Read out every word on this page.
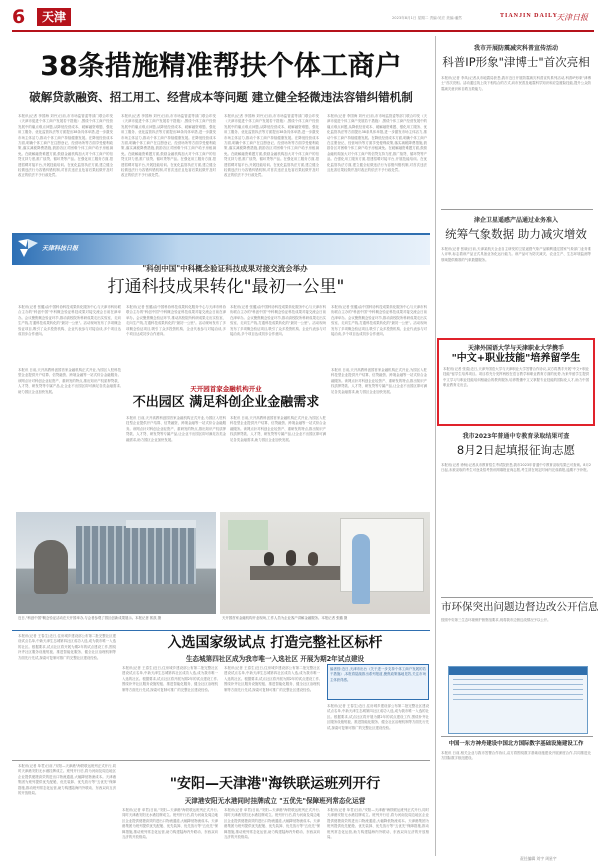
6	天津	2023年8月1日 星期二 责编:吴宏 美编:潘然	TIANJIN DAILY
天津日报
38条措施精准帮扶个体工商户
破解贷款融资、招工用工、经营成本等问题 建立健全轻微违法容错纠错机制
本报讯(记者 李国海 刘丹)日前,市市场监管委等部门联合印发《天津市促进个体工商户发展若干措施》,围绕个体工商户经营发展中的痛点难点问题,从降低经营成本、破解融资难题、强化用工服务、优化监管执法等方面提出38条具体举措,进一步激发市场主体活力,推动个体工商户持续健康发展。在降低经营成本方面,明确个体工商户在注册登记、经营场所等方面享受便利政策,落实减税降费措施,鼓励各区对困难个体工商户给予房租减免。在破解融资难题方面,鼓励金融机构加大对个体工商户的信贷支持力度,推广续贷、循环贷等产品。在强化用工服务方面,搭建招聘对接平台,开展技能培训。在优化监管执法方面,建立健全轻微违法行为容错纠错机制,对首次违法且危害后果轻微并及时改正的依法不予行政处罚。
本报讯(记者 李国海 刘丹)日前,市市场监管委等部门联合印发《天津市促进个体工商户发展若干措施》,围绕个体工商户经营发展中的痛点难点问题,从降低经营成本、破解融资难题、强化用工服务、优化监管执法等方面提出38条具体举措,进一步激发市场主体活力,推动个体工商户持续健康发展。在降低经营成本方面,明确个体工商户在注册登记、经营场所等方面享受便利政策,落实减税降费措施,鼓励各区对困难个体工商户给予房租减免。在破解融资难题方面,鼓励金融机构加大对个体工商户的信贷支持力度,推广续贷、循环贷等产品。在强化用工服务方面,搭建招聘对接平台,开展技能培训。在优化监管执法方面,建立健全轻微违法行为容错纠错机制,对首次违法且危害后果轻微并及时改正的依法不予行政处罚。
本报讯(记者 李国海 刘丹)日前,市市场监管委等部门联合印发《天津市促进个体工商户发展若干措施》,围绕个体工商户经营发展中的痛点难点问题,从降低经营成本、破解融资难题、强化用工服务、优化监管执法等方面提出38条具体举措,进一步激发市场主体活力,推动个体工商户持续健康发展。在降低经营成本方面,明确个体工商户在注册登记、经营场所等方面享受便利政策,落实减税降费措施,鼓励各区对困难个体工商户给予房租减免。在破解融资难题方面,鼓励金融机构加大对个体工商户的信贷支持力度,推广续贷、循环贷等产品。在强化用工服务方面,搭建招聘对接平台,开展技能培训。在优化监管执法方面,建立健全轻微违法行为容错纠错机制,对首次违法且危害后果轻微并及时改正的依法不予行政处罚。
本报讯(记者 李国海 刘丹)日前,市市场监管委等部门联合印发《天津市促进个体工商户发展若干措施》,围绕个体工商户经营发展中的痛点难点问题,从降低经营成本、破解融资难题、强化用工服务、优化监管执法等方面提出38条具体举措,进一步激发市场主体活力,推动个体工商户持续健康发展。在降低经营成本方面,明确个体工商户在注册登记、经营场所等方面享受便利政策,落实减税降费措施,鼓励各区对困难个体工商户给予房租减免。在破解融资难题方面,鼓励金融机构加大对个体工商户的信贷支持力度,推广续贷、循环贷等产品。在强化用工服务方面,搭建招聘对接平台,开展技能培训。在优化监管执法方面,建立健全轻微违法行为容错纠错机制,对首次违法且危害后果轻微并及时改正的依法不予行政处罚。
我市开展防震减灾科普宣传活动
科普IP形象"津博士"首次亮相
本报讯(记者 李凤)记者从市地震局获悉,我市近日开展防震减灾科普宣传系列活动,科普IP形象"津博士"首次亮相。活动通过线上线下相结合的方式,向市民普及地震科学知识和应急避险技能,提升公众防震减灾意识和自救互救能力。
津企卫星遥感产品通过业务准入
统筹气象数据 助力减灾增效
本报讯(记者 张晓)日前,天津某航天企业自主研发的卫星遥感气象产品顺利通过国家气象部门业务准入评审,标志着该产品正式具备业务化运行能力。该产品可为防灾减灾、农业生产、生态环境监测等领域提供精准的气象数据服务。
天津外国语大学与天津职业大学携手
"中文+职业技能"培养留学生
本报讯(记者 张清)近日,天津外国语大学与天津职业大学签署合作协议,双方将携手开展"中文+职业技能"留学生培养项目。项目将充分发挥两校在语言教学和职业教育方面的优势,为来华留学生提供中文学习与职业技能培训相融合的教育服务,培养既懂中文又掌握专业技能的国际化人才,助力中国职业教育走出去。
我市2023年普通中专教育录取结果可查
8月2日起填报征询志愿
本报讯(记者 徐杨)记者从市教育招生考试院获悉,我市2023年普通中专教育录取结果已可查询。8月2日起,未被录取的考生可登录招考资讯网填报征询志愿,考生须在规定时间内完成填报,逾期不予补报。
市环保突出问题边督边改公开信息
按照中央第三生态环境保护督察组要求,现将我市边督边改情况予以公开。
中国一东方神舟建设中国北方国际数字基础设施建设工作
本报讯 日前,相关企业与我市签署合作协议,双方将围绕数字基础设施建设开展深度合作,共同推进北方国际数字枢纽建设。
天津科技日报
"科创中国"中科概念验证科技成果对接交流会举办
打通科技成果转化"最初一公里"
本报讯(记者 张璐)由中国科协科技成果转化服务中心与天津市科协联合主办的"科创中国"中科概念验证科技成果对接交流会日前在津举办。会议聚焦概念验证环节,推动高校院所科研成果走出实验室、走向生产线,打通科技成果转化的"最初一公里"。活动现场发布了多项概念验证项目,吸引了众多投资机构、企业代表参与对接洽谈,多个项目达成初步合作意向。
本报讯(记者 张璐)由中国科协科技成果转化服务中心与天津市科协联合主办的"科创中国"中科概念验证科技成果对接交流会日前在津举办。会议聚焦概念验证环节,推动高校院所科研成果走出实验室、走向生产线,打通科技成果转化的"最初一公里"。活动现场发布了多项概念验证项目,吸引了众多投资机构、企业代表参与对接洽谈,多个项目达成初步合作意向。
本报讯(记者 张璐)由中国科协科技成果转化服务中心与天津市科协联合主办的"科创中国"中科概念验证科技成果对接交流会日前在津举办。会议聚焦概念验证环节,推动高校院所科研成果走出实验室、走向生产线,打通科技成果转化的"最初一公里"。活动现场发布了多项概念验证项目,吸引了众多投资机构、企业代表参与对接洽谈,多个项目达成初步合作意向。
本报讯(记者 张璐)由中国科协科技成果转化服务中心与天津市科协联合主办的"科创中国"中科概念验证科技成果对接交流会日前在津举办。会议聚焦概念验证环节,推动高校院所科研成果走出实验室、走向生产线,打通科技成果转化的"最初一公里"。活动现场发布了多项概念验证项目,吸引了众多投资机构、企业代表参与对接洽谈,多个项目达成初步合作意向。
本报讯 日前,天开高教科创园首家金融机构正式开业,为园区入驻科技型企业提供开户结算、信贷融资、跨境金融等一站式综合金融服务。该网点针对科创企业轻资产、重研发的特点,推出知识产权质押贷款、人才贷、研发贷等专属产品,让企业不出园区即可满足各类金融需求,助力园区企业加快发展。	天开园首家金融机构开业
不出园区 满足科创企业金融需求
本报讯 日前,天开高教科创园首家金融机构正式开业,为园区入驻科技型企业提供开户结算、信贷融资、跨境金融等一站式综合金融服务。该网点针对科创企业轻资产、重研发的特点,推出知识产权质押贷款、人才贷、研发贷等专属产品,让企业不出园区即可满足各类金融需求,助力园区企业加快发展。
本报讯 日前,天开高教科创园首家金融机构正式开业,为园区入驻科技型企业提供开户结算、信贷融资、跨境金融等一站式综合金融服务。该网点针对科创企业轻资产、重研发的特点,推出知识产权质押贷款、人才贷、研发贷等专属产品,让企业不出园区即可满足各类金融需求,助力园区企业加快发展。
本报讯 日前,天开高教科创园首家金融机构正式开业,为园区入驻科技型企业提供开户结算、信贷融资、跨境金融等一站式综合金融服务。该网点针对科创企业轻资产、重研发的特点,推出知识产权质押贷款、人才贷、研发贷等专属产品,让企业不出园区即可满足各类金融需求,助力园区企业加快发展。
近日,"科创中国"概念验证活动在天开园举办,与会者参观了园区创新成果展示。本报记者 郭凯 摄	天开园首家金融机构开业现场,工作人员为企业客户讲解金融服务。本报记者 张璐 摄
本报讯(记者 王春生)近日,住房城乡建设部公布第二批完整社区建设试点名单,中新天津生态城第四社区成功入选,成为我市唯一入选的社区。根据要求,试点社区将开展为期2年的试点建设工作,围绕补齐社区服务设施短板、推进智能化服务、健全社区治理机制等方面先行先试,探索可复制可推广的完整社区建设经验。
入选国家级试点 打造完整社区标杆
生态城第四社区成为我市唯一入选社区 开展为期2年试点建设
本报讯(记者 王春生)近日,住房城乡建设部公布第二批完整社区建设试点名单,中新天津生态城第四社区成功入选,成为我市唯一入选的社区。根据要求,试点社区将开展为期2年的试点建设工作,围绕补齐社区服务设施短板、推进智能化服务、健全社区治理机制等方面先行先试,探索可复制可推广的完整社区建设经验。
本报讯(记者 王春生)近日,住房城乡建设部公布第二批完整社区建设试点名单,中新天津生态城第四社区成功入选,成为我市唯一入选的社区。根据要求,试点社区将开展为期2年的试点建设工作,围绕补齐社区服务设施短板、推进智能化服务、健全社区治理机制等方面先行先试,探索可复制可推广的完整社区建设经验。
编者按:近日,天津市出台《关于进一步支持个体工商户发展的若干措施》,本报将陆续推出系列报道,聚焦政策落地见效,关注市场主体获得感。
本报讯(记者 王春生)近日,住房城乡建设部公布第二批完整社区建设试点名单,中新天津生态城第四社区成功入选,成为我市唯一入选的社区。根据要求,试点社区将开展为期2年的试点建设工作,围绕补齐社区服务设施短板、推进智能化服务、健全社区治理机制等方面先行先试,探索可复制可推广的完整社区建设经验。
本报讯(记者 单君)日前,"安阳—天津港"海铁联运班列正式开行,同时天津港安阳无水港挂牌成立。班列开行后,将为河南及周边地区企业提供便捷高效的进出口物流通道,大幅降低物流成本。天津港集团为班列提供优先配舱、优先装卸、优先放行等"五优先"保障措施,推动班列常态化运营,助力构建陆海内外联动、东西双向互济的开放格局。
"安阳—天津港"海铁联运班列开行
天津港安阳无水港同时挂牌成立 "五优先"保障班列常态化运营
本报讯(记者 单君)日前,"安阳—天津港"海铁联运班列正式开行,同时天津港安阳无水港挂牌成立。班列开行后,将为河南及周边地区企业提供便捷高效的进出口物流通道,大幅降低物流成本。天津港集团为班列提供优先配舱、优先装卸、优先放行等"五优先"保障措施,推动班列常态化运营,助力构建陆海内外联动、东西双向互济的开放格局。
本报讯(记者 单君)日前,"安阳—天津港"海铁联运班列正式开行,同时天津港安阳无水港挂牌成立。班列开行后,将为河南及周边地区企业提供便捷高效的进出口物流通道,大幅降低物流成本。天津港集团为班列提供优先配舱、优先装卸、优先放行等"五优先"保障措施,推动班列常态化运营,助力构建陆海内外联动、东西双向互济的开放格局。
本报讯(记者 单君)日前,"安阳—天津港"海铁联运班列正式开行,同时天津港安阳无水港挂牌成立。班列开行后,将为河南及周边地区企业提供便捷高效的进出口物流通道,大幅降低物流成本。天津港集团为班列提供优先配舱、优先装卸、优先放行等"五优先"保障措施,推动班列常态化运营,助力构建陆海内外联动、东西双向互济的开放格局。
责任编辑 刘宇 周星宇
